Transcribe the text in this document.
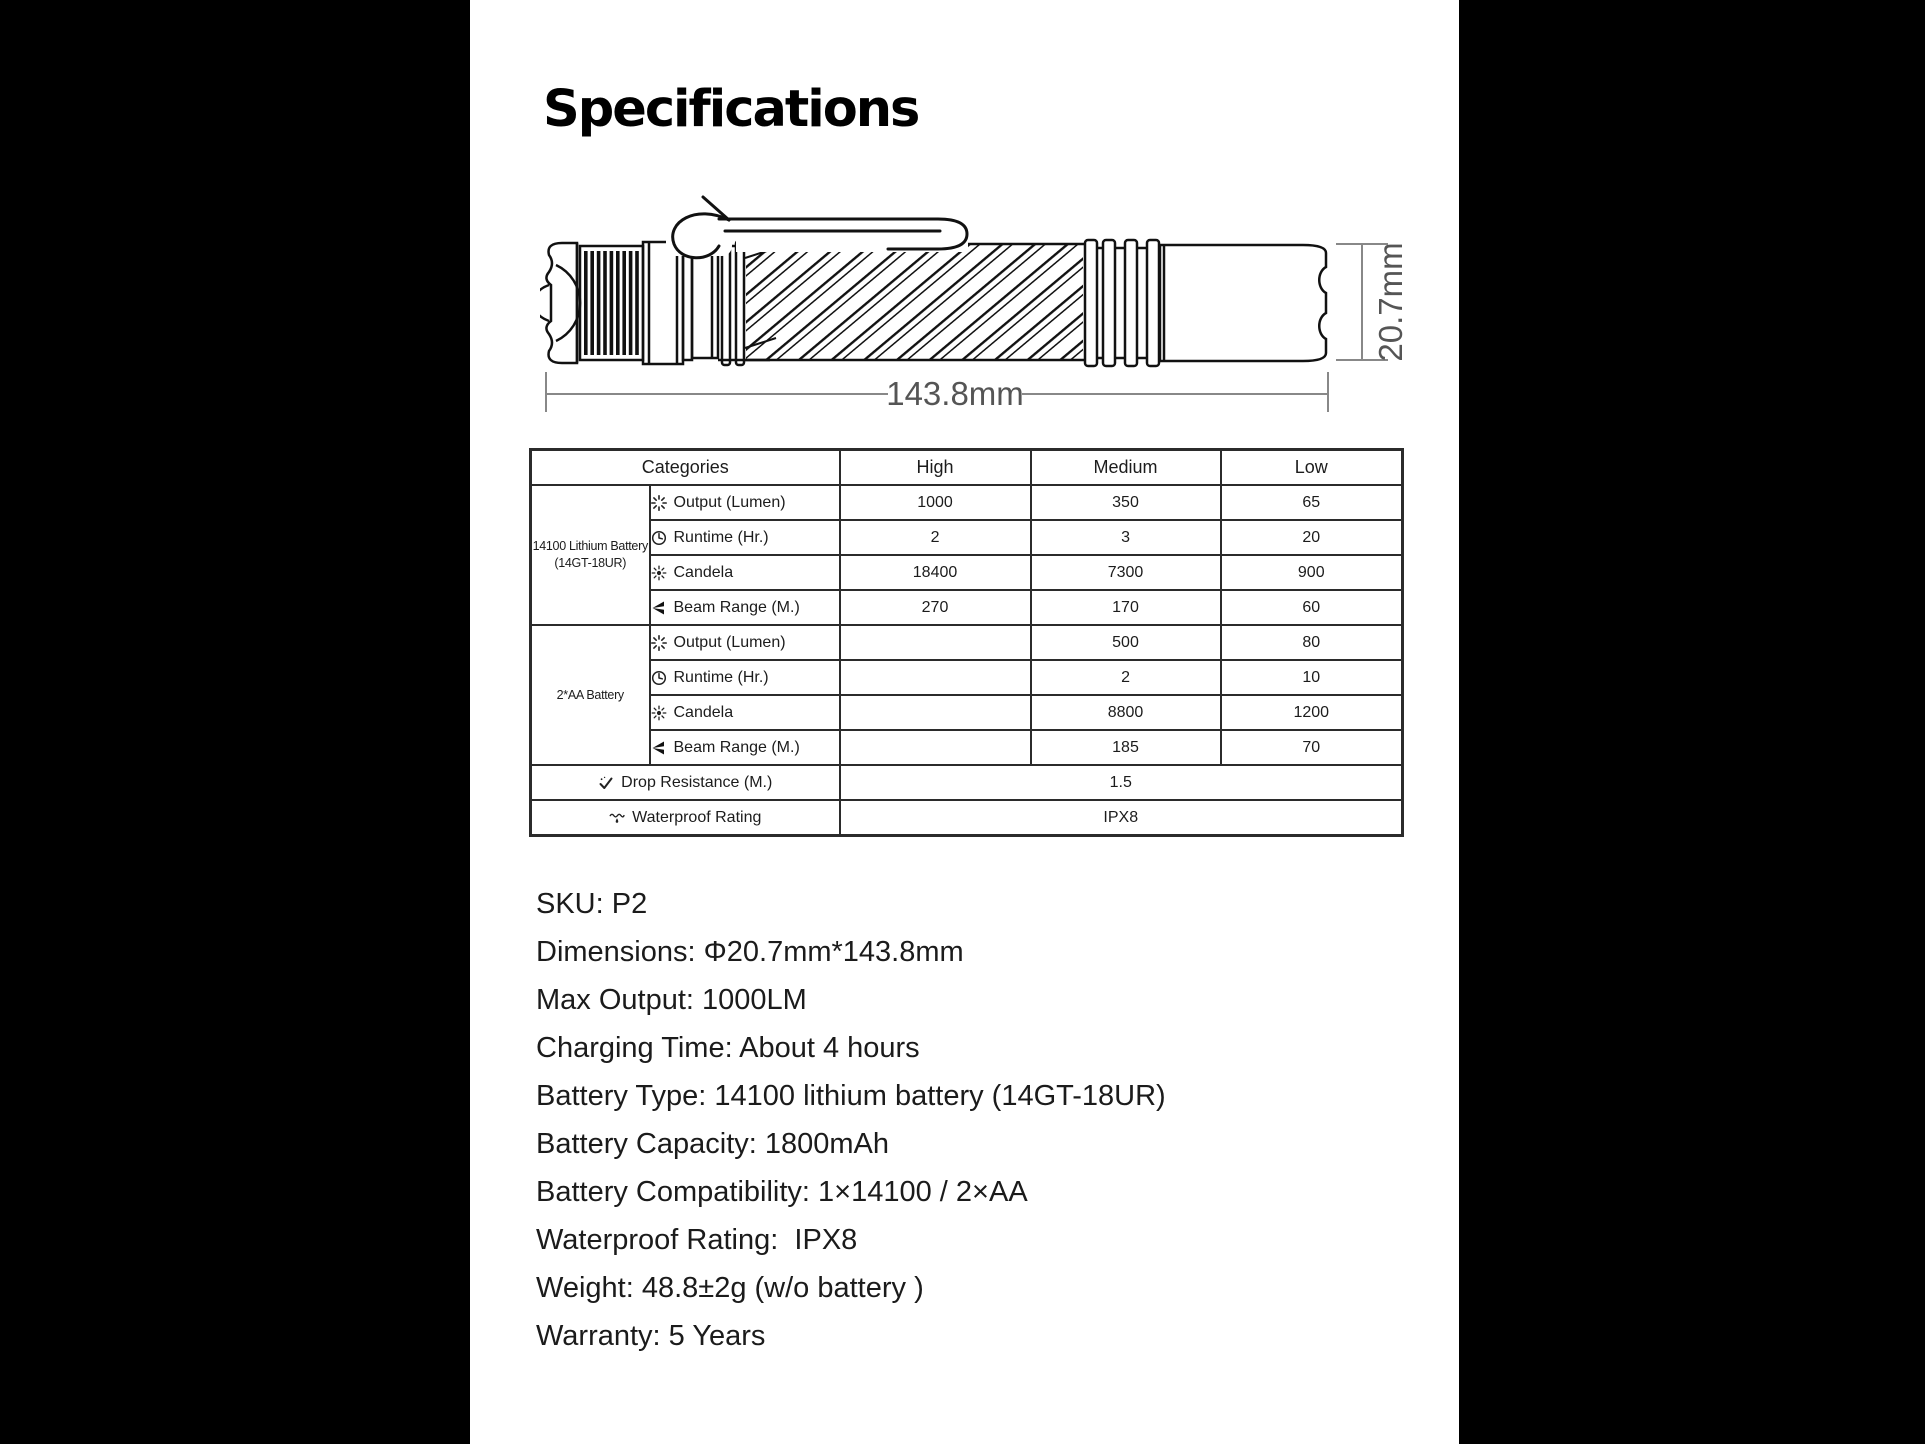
Specifications
143.8mm
20.7mm
Categories		High	Medium	Low

14100 Lithium Battery
(14GT-18UR)	Output (Lumen)	1000	350	65

	Runtime (Hr.)	2	3	20

	Candela	18400	7300	900

	Beam Range (M.)	270	170	60

2*AA Battery	Output (Lumen)		500	80

	Runtime (Hr.)		2	10

	Candela		8800	1200

	Beam Range (M.)		185	70

Drop Resistance (M.)		1.5		

Waterproof Rating		IPX8		
SKU: P2
Dimensions: Φ20.7mm*143.8mm
Max Output: 1000LM
Charging Time: About 4 hours
Battery Type: 14100 lithium battery (14GT-18UR)
Battery Capacity: 1800mAh
Battery Compatibility: 1×14100 / 2×AA
Waterproof Rating:  IPX8
Weight: 48.8±2g (w/o battery )
Warranty: 5 Years
